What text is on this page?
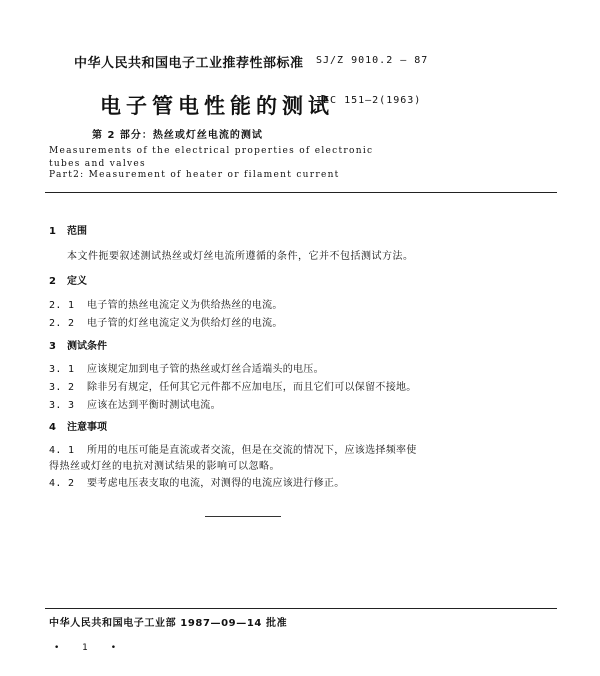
中华人民共和国电子工业推荐性部标准 SJ/Z 9010.2 — 87
电子管电性能的测试
IEC 151—2(1963)
第 2 部分：热丝或灯丝电流的测试
Measurements of the electrical properties of electronic
tubes and valves
Part2: Measurement of heater or filament current
1 范围
本文件扼要叙述测试热丝或灯丝电流所遵循的条件，它并不包括测试方法。
2 定义
2. 1 电子管的热丝电流定义为供给热丝的电流。
2. 2 电子管的灯丝电流定义为供给灯丝的电流。
3 测试条件
3. 1 应该规定加到电子管的热丝或灯丝合适端头的电压。
3. 2 除非另有规定，任何其它元件都不应加电压，而且它们可以保留不接地。
3. 3 应该在达到平衡时测试电流。
4 注意事项
4. 1 所用的电压可能是直流或者交流，但是在交流的情况下，应该选择频率使
得热丝或灯丝的电抗对测试结果的影响可以忽略。
4. 2 要考虑电压表支取的电流，对测得的电流应该进行修正。
中华人民共和国电子工业部 1987—09—14 批准
• 1 •
